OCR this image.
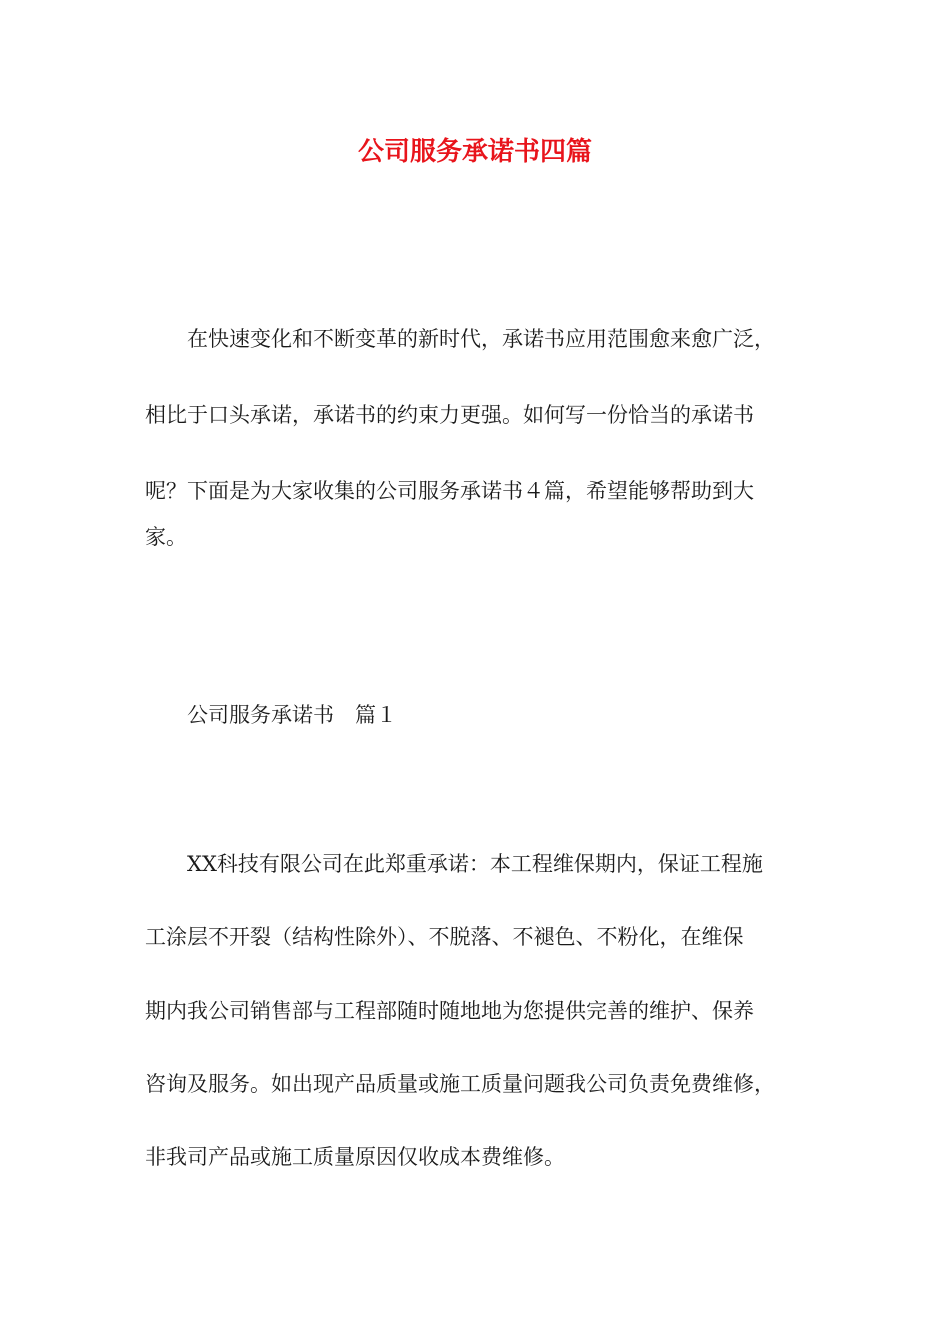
公司服务承诺书四篇
在快速变化和不断变革的新时代，承诺书应用范围愈来愈广泛，
相比于口头承诺，承诺书的约束力更强。如何写一份恰当的承诺书
呢？下面是为大家收集的公司服务承诺书４篇，希望能够帮助到大
家。
公司服务承诺书　篇１
XX科技有限公司在此郑重承诺：本工程维保期内，保证工程施
工涂层不开裂（结构性除外）、不脱落、不褪色、不粉化，在维保
期内我公司销售部与工程部随时随地地为您提供完善的维护、保养
咨询及服务。如出现产品质量或施工质量问题我公司负责免费维修，
非我司产品或施工质量原因仅收成本费维修。
